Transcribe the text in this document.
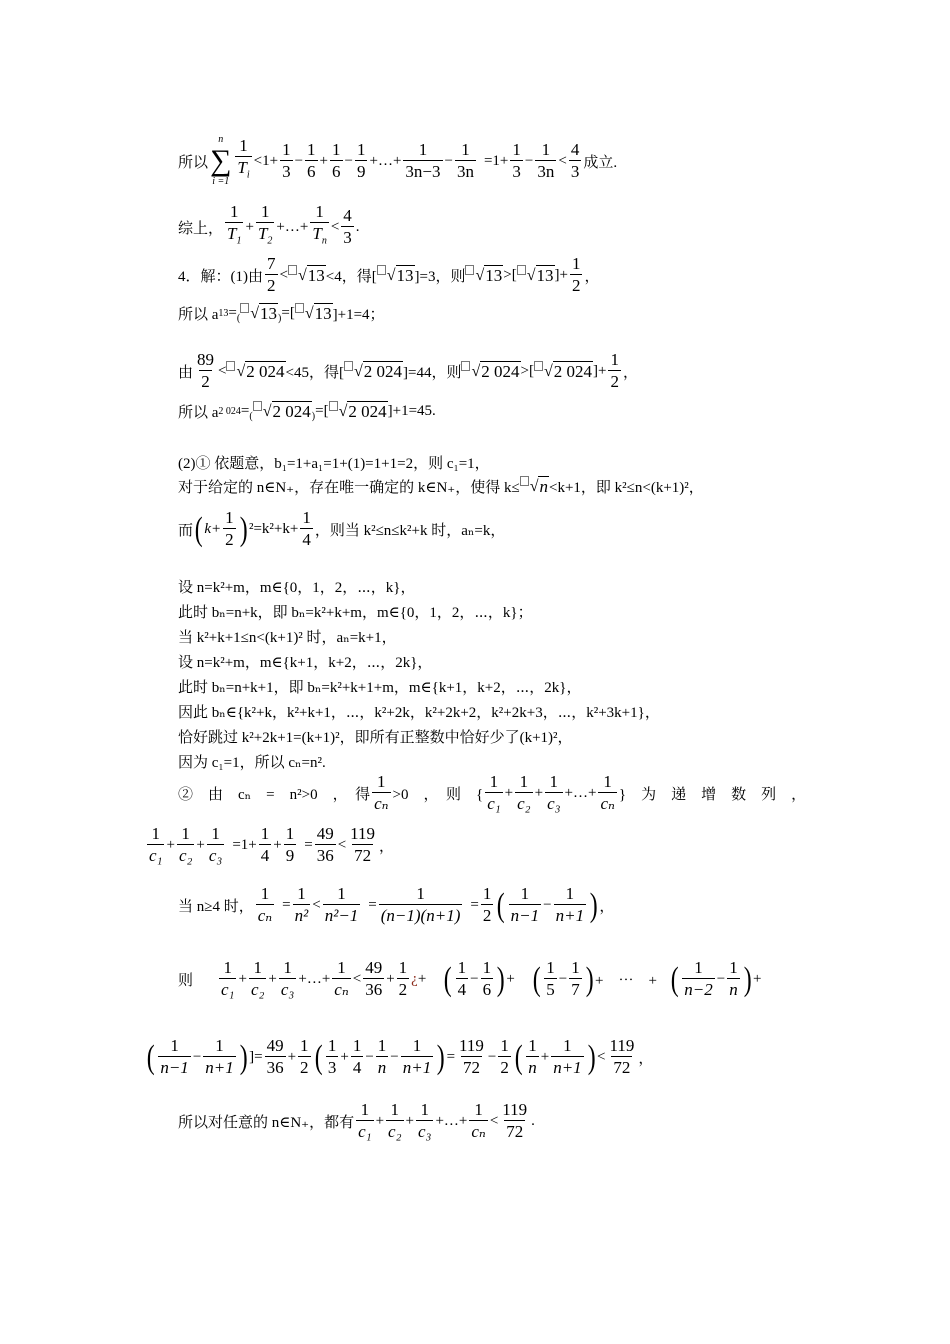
所以
n
∑
i =1
1
$T_i$
$<1+ \frac{1}{3} - \frac{1}{6} + \frac{1}{6} - \frac{1}{9}$ +…+ $\frac{1}{3n-3} - \frac{1}{3n} =1+ \frac{1}{3} - \frac{1}{3n}$ <
4
3 成立.
综上，
1
$T_1$
+ $\frac{1}{T_2}$ +…+ $\frac{1}{T_n}$ <
4
3
.
4．解：(1)由
7
2
< √ 13 <4，得[ √ 13 ]=3，则 √ 13 >[ √ 13 ]+ $\frac{1}{2}$ ，
所以 a 13 = ( √ 13 ) =[ √ 13 ]+1=4；
由
89
2
< √ 2 024 <45，得[ √ 2 024 ]=44，则 √ 2 024 >[ √ 2 024 ]+ $\frac{1}{2}$ ，
所以 a 2 024 = ( √ 2 024 ) =[ √ 2 024 ]+1=45.
(2)① 依题意，b₁=1+a₁=1+(1)=1+1=2，则 c₁=1，
对于给定的 n∈N₊，存在唯一确定的 k∈N₊，使得 k≤ √ n <k+1，即 k²≤n<(k+1)²，
而 ( $k+ \frac{1}{2}$ ) $^2=k^2+k+ \frac{1}{4}$ ，则当 k²≤n≤k²+k 时，aₙ=k，
设 n=k²+m，m∈{0，1，2，⋯，k}，
此时 bₙ=n+k，即 bₙ=k²+k+m，m∈{0，1，2，⋯，k}；
当 k²+k+1≤n<(k+1)² 时，aₙ=k+1，
设 n=k²+m，m∈{k+1，k+2，⋯，2k}，
此时 bₙ=n+k+1，即 bₙ=k²+k+1+m，m∈{k+1，k+2，⋯，2k}，
因此 bₙ∈{k²+k，k²+k+1，⋯，k²+2k，k²+2k+2，k²+2k+3，⋯，k²+3k+1}，
恰好跳过 k²+2k+1=(k+1)²，即所有正整数中恰好少了(k+1)²，
因为 c₁=1，所以 cₙ=n².
②　由　cₙ　=　n²>0　，　得
1
cₙ >0　，　则　{
1
c₁
+ $\frac{1}{\text{c₂}} + \frac{1}{\text{c₃}}$ +…+ $\frac{1}{\text{cₙ}}$ }　为　递　增　数　列　，
1
c₁
+ $\frac{1}{\text{c₂}} + \frac{1}{\text{c₃}} =1+ \frac{1}{4} + \frac{1}{9} = \frac{49}{36}$ <
119
72 ，
当 n≥4 时， $\frac{1}{\text{cₙ}} = \frac{1}{\text{n²}} < \frac{1}{\text{n²−1}} = \frac{1}{(n-1)(n+1)} = \frac{1}{2}$ ( 1
n−1
− $\frac{1}{n+1}$ ) ，
则
1
c₁
+ $\frac{1}{\text{c₂}} + \frac{1}{\text{c₃}}$ +…+ $\frac{1}{\text{cₙ}}$ <
49
36
+ $\frac{1}{2}$ ¿ + ( 1
4
− $\frac{1}{6}$ ) + ( 1
5
− $\frac{1}{7}$ ) +　⋯　+ ( 1
n−2
− $\frac{1}{n}$ ) +
( 1
n−1
− $\frac{1}{n+1}$ ) ]= $\frac{49}{36} + \frac{1}{2}$ ( 1
3
+ $\frac{1}{4} - \frac{1}{n} - \frac{1}{n+1}$ ) = $\frac{119}{72} - \frac{1}{2}$ ( 1
n
+ $\frac{1}{n+1}$ ) <
119
72 ，
所以对任意的 n∈N₊，都有
1
c₁
+ $\frac{1}{\text{c₂}} + \frac{1}{\text{c₃}}$ +…+ $\frac{1}{\text{cₙ}}$ <
119
72
.
